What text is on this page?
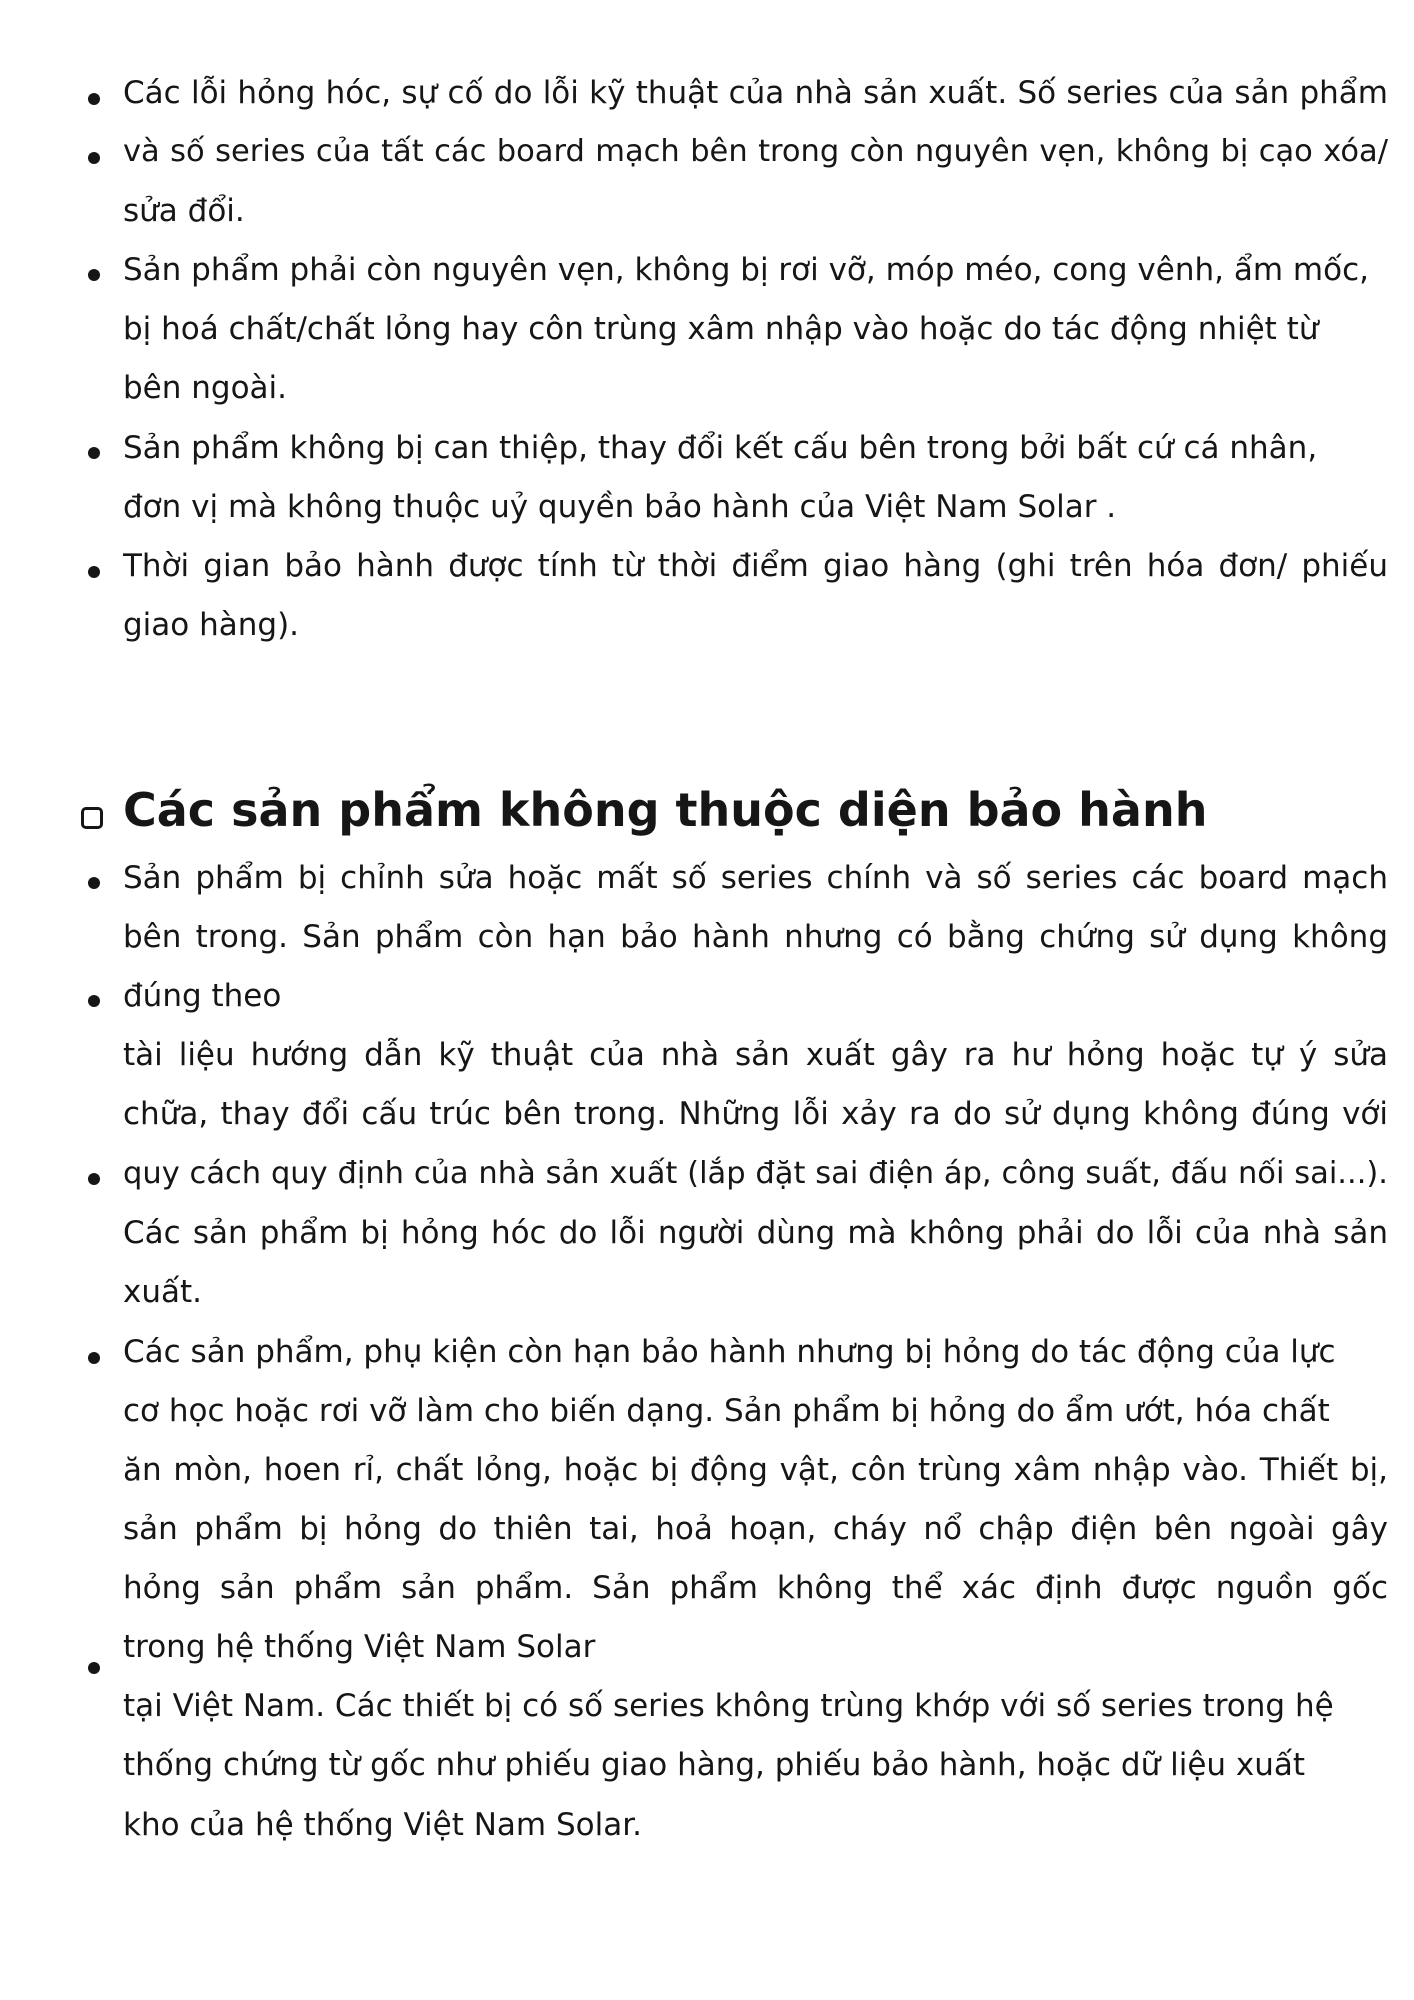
Các lỗi hỏng hóc, sự cố do lỗi kỹ thuật của nhà sản xuất. Số series của sản phẩm
và số series của tất các board mạch bên trong còn nguyên vẹn, không bị cạo xóa/
sửa đổi.
Sản phẩm phải còn nguyên vẹn, không bị rơi vỡ, móp méo, cong vênh, ẩm mốc,
bị hoá chất/chất lỏng hay côn trùng xâm nhập vào hoặc do tác động nhiệt từ
bên ngoài.
Sản phẩm không bị can thiệp, thay đổi kết cấu bên trong bởi bất cứ cá nhân,
đơn vị mà không thuộc uỷ quyền bảo hành của Việt Nam Solar .
Thời gian bảo hành được tính từ thời điểm giao hàng (ghi trên hóa đơn/ phiếu
giao hàng).
Các sản phẩm không thuộc diện bảo hành
Sản phẩm bị chỉnh sửa hoặc mất số series chính và số series các board mạch
bên trong. Sản phẩm còn hạn bảo hành nhưng có bằng chứng sử dụng không
đúng theo
tài liệu hướng dẫn kỹ thuật của nhà sản xuất gây ra hư hỏng hoặc tự ý sửa
chữa, thay đổi cấu trúc bên trong. Những lỗi xảy ra do sử dụng không đúng với
quy cách quy định của nhà sản xuất (lắp đặt sai điện áp, công suất, đấu nối sai...).
Các sản phẩm bị hỏng hóc do lỗi người dùng mà không phải do lỗi của nhà sản
xuất.
Các sản phẩm, phụ kiện còn hạn bảo hành nhưng bị hỏng do tác động của lực
cơ học hoặc rơi vỡ làm cho biến dạng. Sản phẩm bị hỏng do ẩm ướt, hóa chất
ăn mòn, hoen rỉ, chất lỏng, hoặc bị động vật, côn trùng xâm nhập vào. Thiết bị,
sản phẩm bị hỏng do thiên tai, hoả hoạn, cháy nổ chập điện bên ngoài gây
hỏng sản phẩm sản phẩm. Sản phẩm không thể xác định được nguồn gốc
trong hệ thống Việt Nam Solar
tại Việt Nam. Các thiết bị có số series không trùng khớp với số series trong hệ
thống chứng từ gốc như phiếu giao hàng, phiếu bảo hành, hoặc dữ liệu xuất
kho của hệ thống Việt Nam Solar.
